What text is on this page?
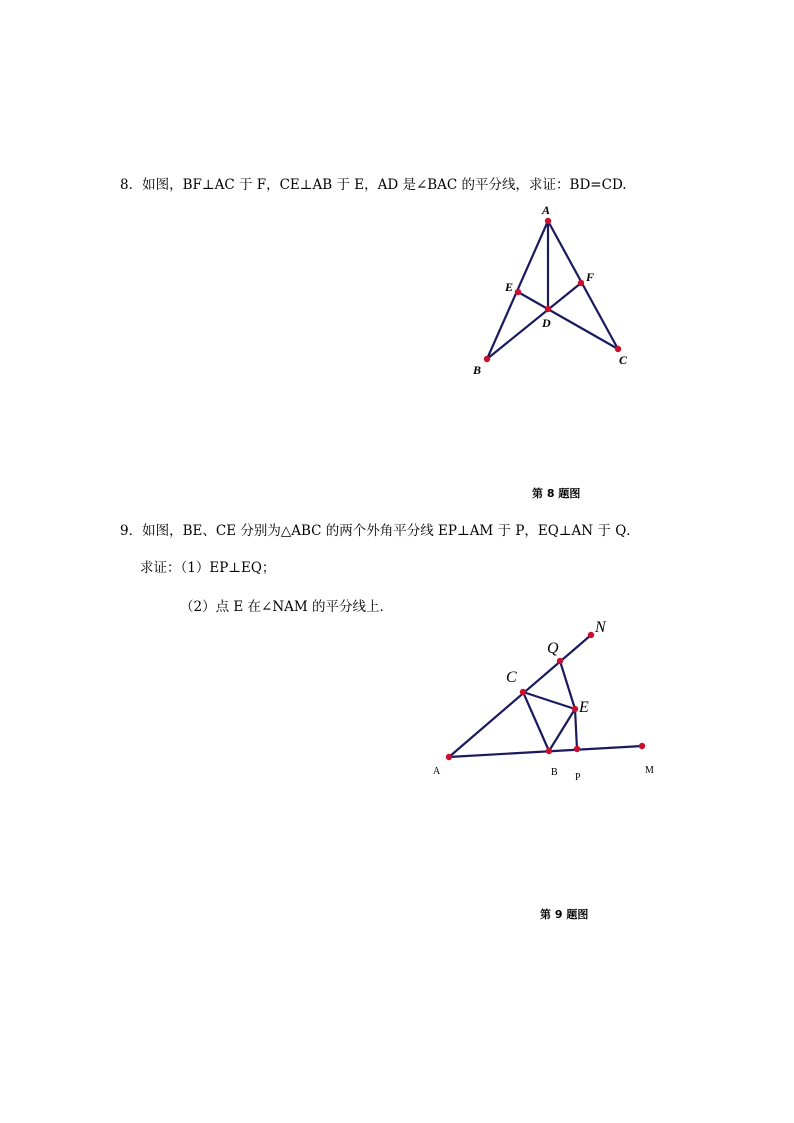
8．如图，BF⊥AC 于 F，CE⊥AB 于 E，AD 是∠BAC 的平分线，求证：BD=CD.
A
B
C
D
E
F
第 8 题图
9．如图，BE、CE 分别为△ABC 的两个外角平分线 EP⊥AM 于 P，EQ⊥AN 于 Q．
求证：（1）EP⊥EQ；
（2）点 E 在∠NAM 的平分线上．
A	B P
M
C
Q
N
E
第 9 题图
